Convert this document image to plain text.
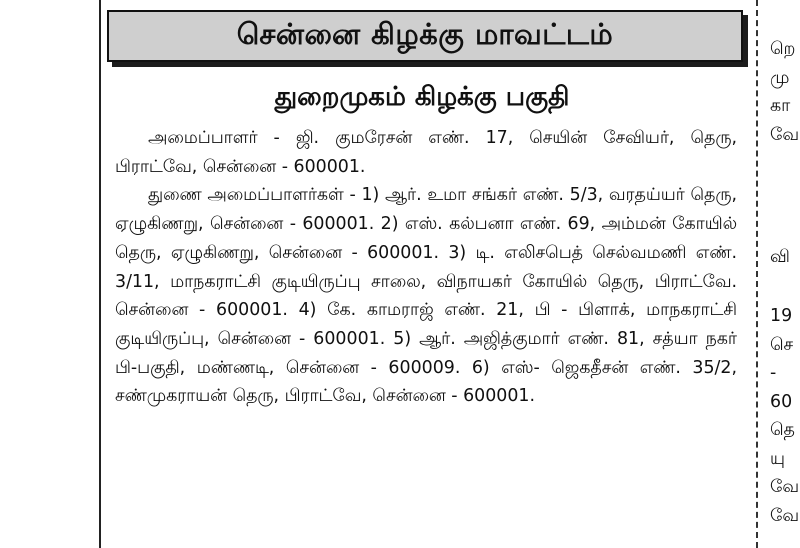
சென்னை கிழக்கு மாவட்டம்
துறைமுகம் கிழக்கு பகுதி

அமைப்பாளர் - ஜி. குமரேசன் எண். 17, செயின் சேவியர், தெரு, பிராட்வே, சென்னை - 600001.

துணை அமைப்பாளர்கள் - 1) ஆர். உமா சங்கர் எண். 5/3, வரதய்யர் தெரு, ஏழுகிணறு, சென்னை - 600001. 2) எஸ். கல்பனா எண். 69, அம்மன் கோயில் தெரு, ஏழுகிணறு, சென்னை - 600001. 3) டி. எலிசபெத் செல்வமணி எண். 3/11, மாநகராட்சி குடியிருப்பு சாலை, விநாயகர் கோயில் தெரு, பிராட்வே. சென்னை - 600001. 4) கே. காமராஜ் எண். 21, பி - பிளாக், மாநகராட்சி குடியிருப்பு, சென்னை - 600001. 5) ஆர். அஜித்குமார் எண். 81, சத்யா நகர் பி-பகுதி, மண்ணடி, சென்னை - 600009. 6) எஸ்- ஜெகதீசன் எண். 35/2, சண்முகராயன் தெரு, பிராட்வே, சென்னை - 600001.

றெ
மு
கா
வே
வி
19
செ
-
60
தெ
யு
வே
வே
